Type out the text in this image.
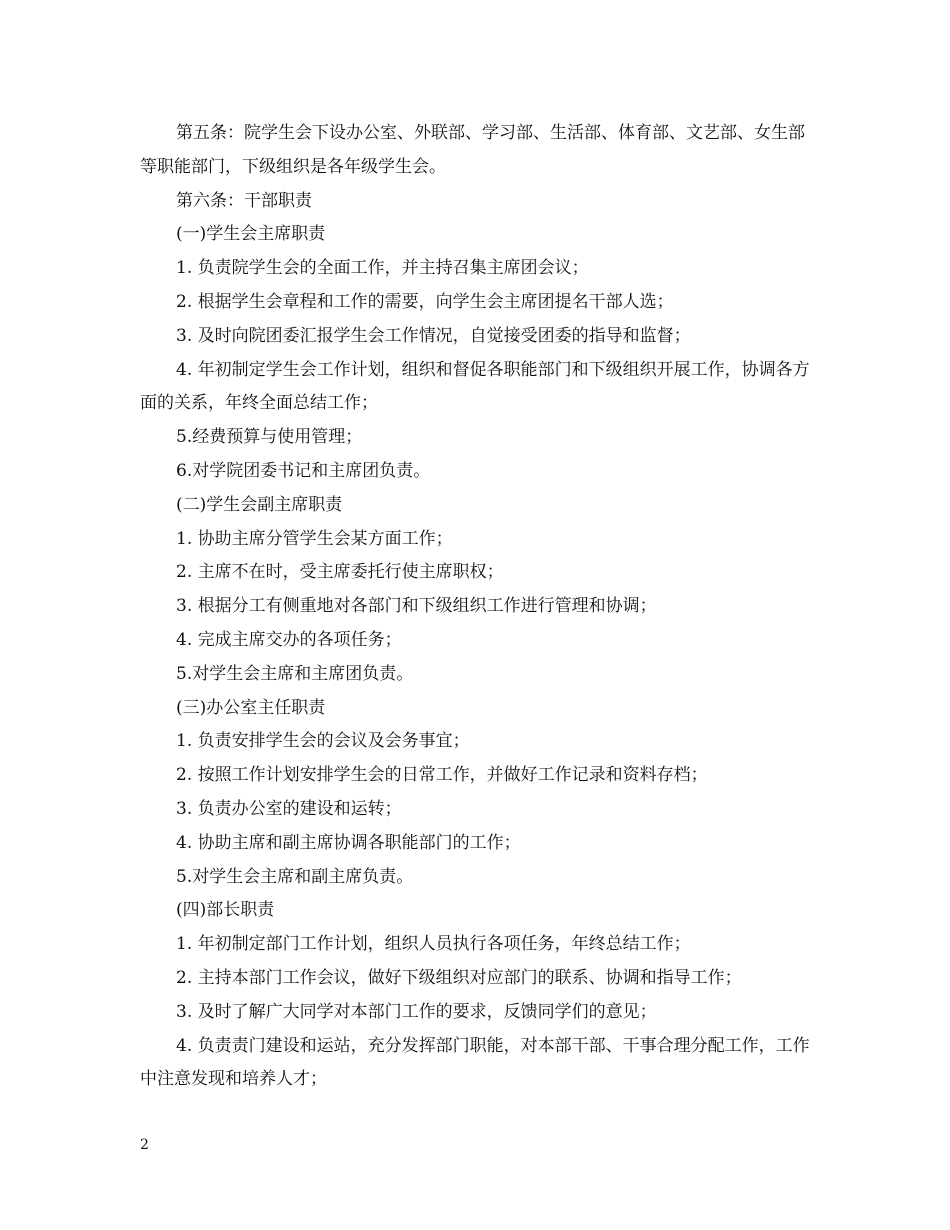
第五条：院学生会下设办公室、外联部、学习部、生活部、体育部、文艺部、女生部等职能部门，下级组织是各年级学生会。

第六条：干部职责

(一)学生会主席职责

1. 负责院学生会的全面工作，并主持召集主席团会议；

2. 根据学生会章程和工作的需要，向学生会主席团提名干部人选；

3. 及时向院团委汇报学生会工作情况，自觉接受团委的指导和监督；

4. 年初制定学生会工作计划，组织和督促各职能部门和下级组织开展工作，协调各方面的关系，年终全面总结工作；

5.经费预算与使用管理；

6.对学院团委书记和主席团负责。

(二)学生会副主席职责

1. 协助主席分管学生会某方面工作；

2. 主席不在时，受主席委托行使主席职权；

3. 根据分工有侧重地对各部门和下级组织工作进行管理和协调；

4. 完成主席交办的各项任务；

5.对学生会主席和主席团负责。

(三)办公室主任职责

1. 负责安排学生会的会议及会务事宜；

2. 按照工作计划安排学生会的日常工作，并做好工作记录和资料存档；

3. 负责办公室的建设和运转；

4. 协助主席和副主席协调各职能部门的工作；

5.对学生会主席和副主席负责。

(四)部长职责

1. 年初制定部门工作计划，组织人员执行各项任务，年终总结工作；

2. 主持本部门工作会议，做好下级组织对应部门的联系、协调和指导工作；

3. 及时了解广大同学对本部门工作的要求，反馈同学们的意见；

4. 负责责门建设和运站，充分发挥部门职能，对本部干部、干事合理分配工作，工作中注意发现和培养人才；

2
